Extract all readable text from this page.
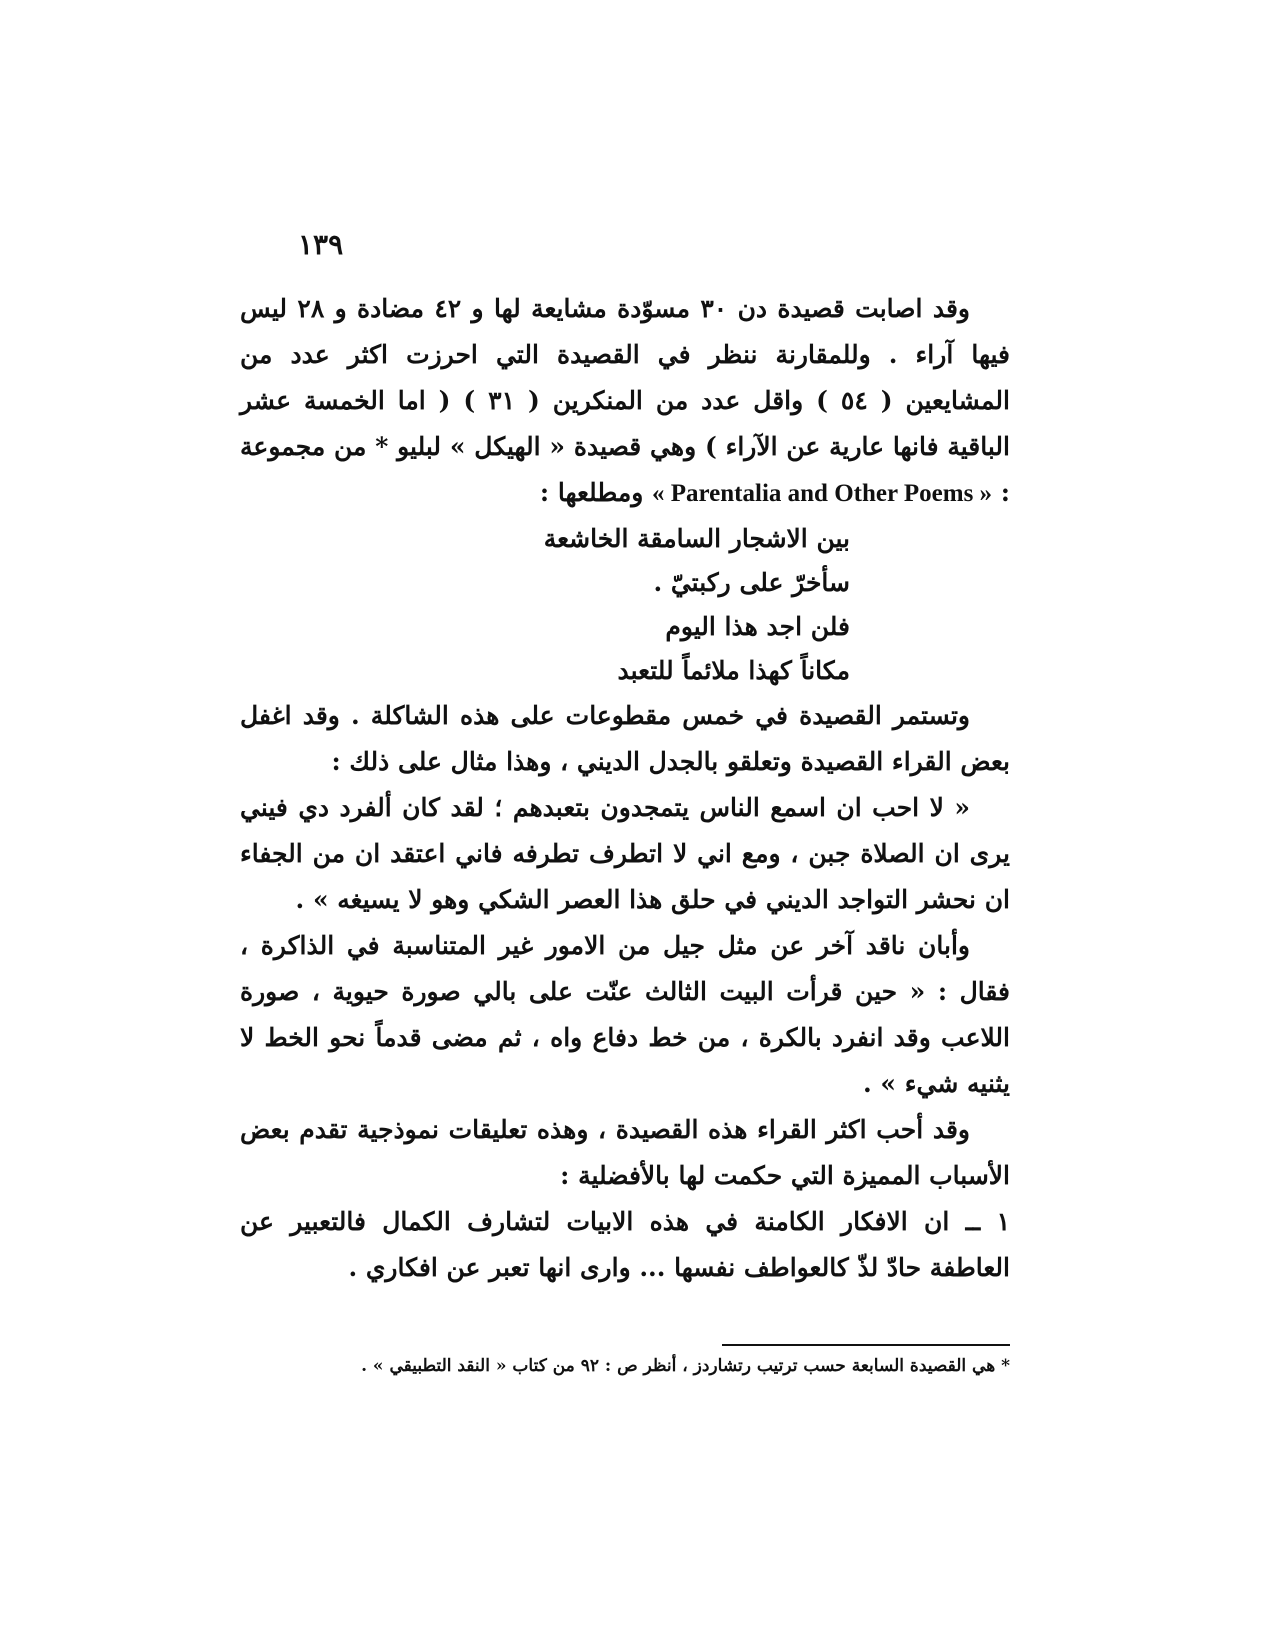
١٣٩

وقد اصابت قصيدة دن ٣٠ مسوّدة مشايعة لها و ٤٢ مضادة و ٢٨ ليس فيها آراء . وللمقارنة ننظر في القصيدة التي احرزت اكثر عدد من المشايعين ( ٥٤ ) واقل عدد من المنكرين ( ٣١ ) ( اما الخمسة عشر الباقية فانها عارية عن الآراء ) وهي قصيدة « الهيكل » لبليو * من مجموعة : « Parentalia and Other Poems » ومطلعها :

بين الاشجار السامقة الخاشعة

سأخرّ على ركبتيّ .

فلن اجد هذا اليوم

مكاناً كهذا ملائماً للتعبد

وتستمر القصيدة في خمس مقطوعات على هذه الشاكلة . وقد اغفل بعض القراء القصيدة وتعلقو بالجدل الديني ، وهذا مثال على ذلك :

« لا احب ان اسمع الناس يتمجدون بتعبدهم ؛ لقد كان ألفرد دي فيني يرى ان الصلاة جبن ، ومع اني لا اتطرف تطرفه فاني اعتقد ان من الجفاء ان نحشر التواجد الديني في حلق هذا العصر الشكي وهو لا يسيغه » .

وأبان ناقد آخر عن مثل جيل من الامور غير المتناسبة في الذاكرة ، فقال : « حين قرأت البيت الثالث عنّت على بالي صورة حيوية ، صورة اللاعب وقد انفرد بالكرة ، من خط دفاع واه ، ثم مضى قدماً نحو الخط لا يثنيه شيء » .

وقد أحب اكثر القراء هذه القصيدة ، وهذه تعليقات نموذجية تقدم بعض الأسباب المميزة التي حكمت لها بالأفضلية :

١ ــ ان الافكار الكامنة في هذه الابيات لتشارف الكمال فالتعبير عن العاطفة حادّ لذّ كالعواطف نفسها ... واری انها تعبر عن افكاري .

* هي القصيدة السابعة حسب ترتيب رتشاردز ، أنظر ص : ٩٢ من كتاب « النقد التطبيقي » .
